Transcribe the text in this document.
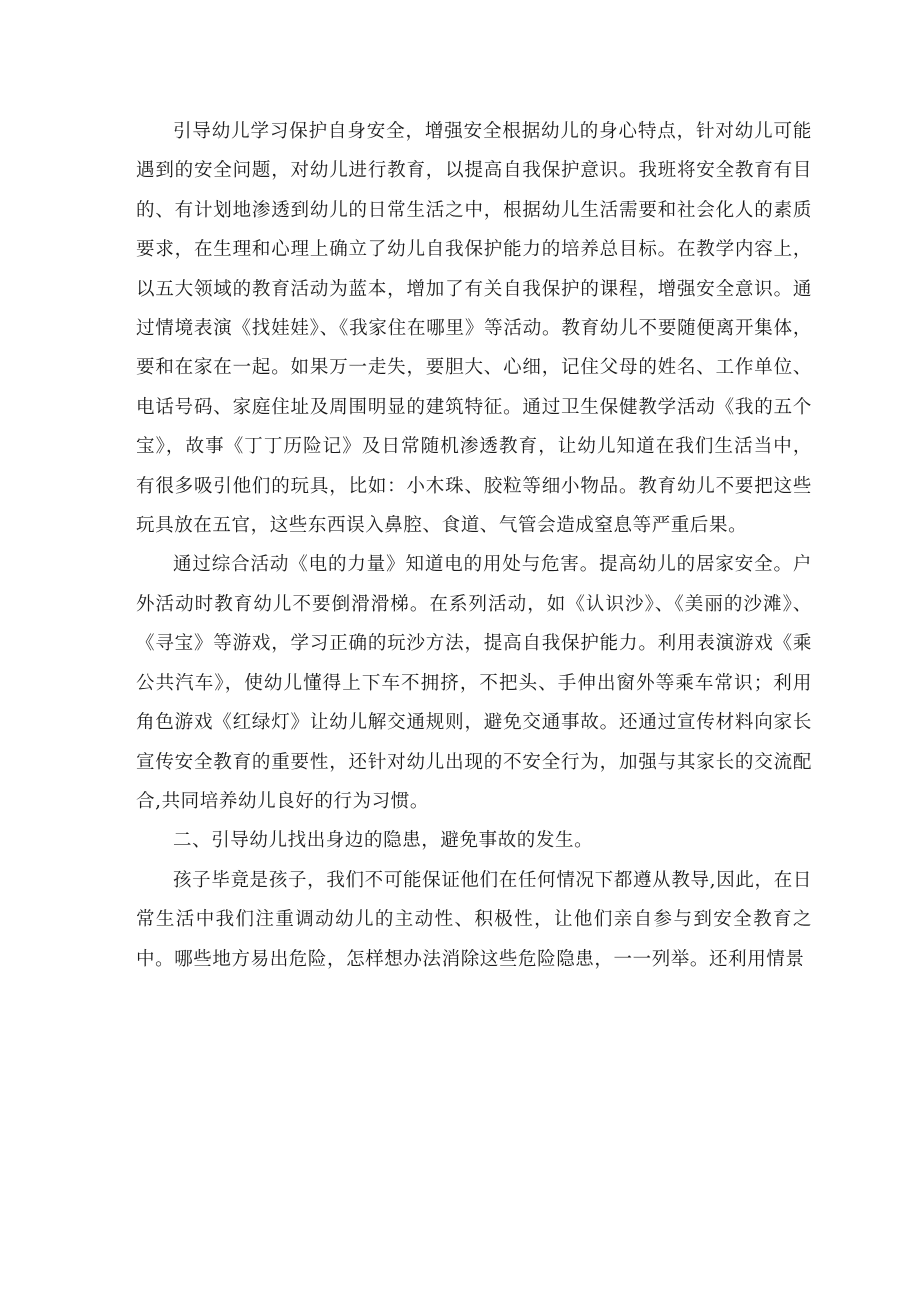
引导幼儿学习保护自身安全，增强安全根据幼儿的身心特点，针对幼儿可能遇到的安全问题，对幼儿进行教育，以提高自我保护意识。我班将安全教育有目的、有计划地渗透到幼儿的日常生活之中，根据幼儿生活需要和社会化人的素质要求，在生理和心理上确立了幼儿自我保护能力的培养总目标。在教学内容上，以五大领域的教育活动为蓝本，增加了有关自我保护的课程，增强安全意识。通过情境表演《找娃娃》、《我家住在哪里》等活动。教育幼儿不要随便离开集体，要和在家在一起。如果万一走失，要胆大、心细，记住父母的姓名、工作单位、电话号码、家庭住址及周围明显的建筑特征。通过卫生保健教学活动《我的五个宝》，故事《丁丁历险记》及日常随机渗透教育，让幼儿知道在我们生活当中，有很多吸引他们的玩具，比如：小木珠、胶粒等细小物品。教育幼儿不要把这些玩具放在五官，这些东西误入鼻腔、食道、气管会造成窒息等严重后果。

通过综合活动《电的力量》知道电的用处与危害。提高幼儿的居家安全。户外活动时教育幼儿不要倒滑滑梯。在系列活动，如《认识沙》、《美丽的沙滩》、《寻宝》等游戏，学习正确的玩沙方法，提高自我保护能力。利用表演游戏《乘公共汽车》，使幼儿懂得上下车不拥挤，不把头、手伸出窗外等乘车常识；利用角色游戏《红绿灯》让幼儿解交通规则，避免交通事故。还通过宣传材料向家长宣传安全教育的重要性，还针对幼儿出现的不安全行为，加强与其家长的交流配合,共同培养幼儿良好的行为习惯。

二、引导幼儿找出身边的隐患，避免事故的发生。

孩子毕竟是孩子，我们不可能保证他们在任何情况下都遵从教导,因此，在日常生活中我们注重调动幼儿的主动性、积极性，让他们亲自参与到安全教育之中。哪些地方易出危险，怎样想办法消除这些危险隐患，一一列举。还利用情景
